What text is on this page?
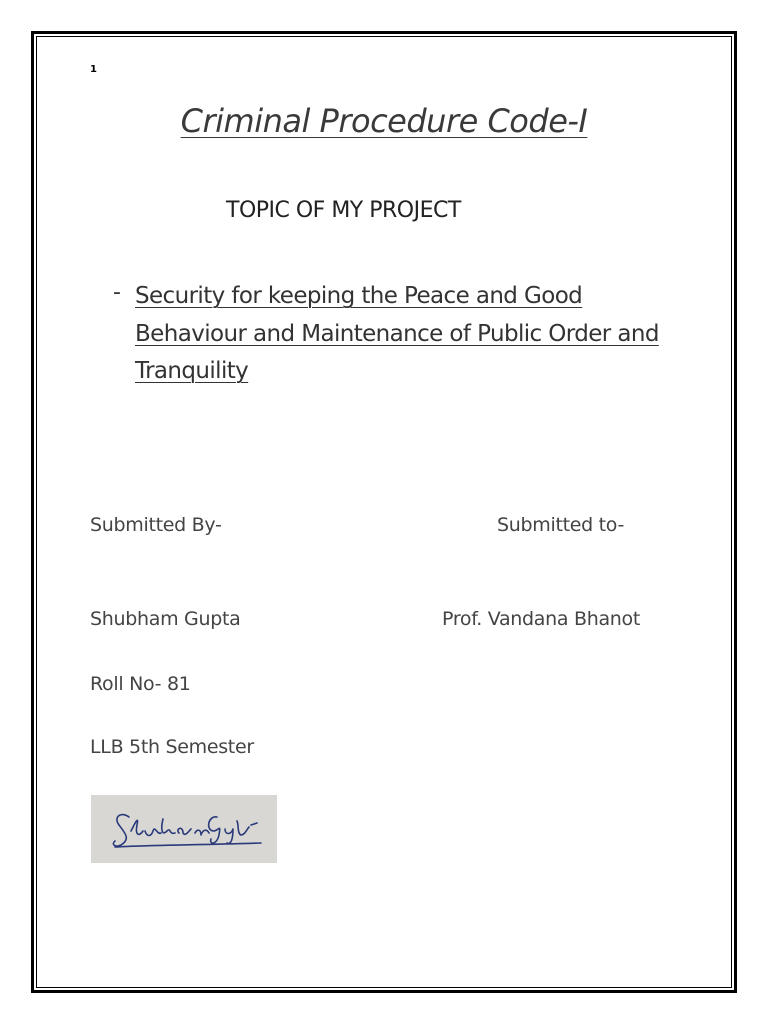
1
Criminal Procedure Code-I
TOPIC OF MY PROJECT
- Security for keeping the Peace and Good Behaviour and Maintenance of Public Order and Tranquility
Submitted By-	Submitted to-
Shubham Gupta	Prof. Vandana Bhanot
Roll No- 81
LLB 5th Semester
